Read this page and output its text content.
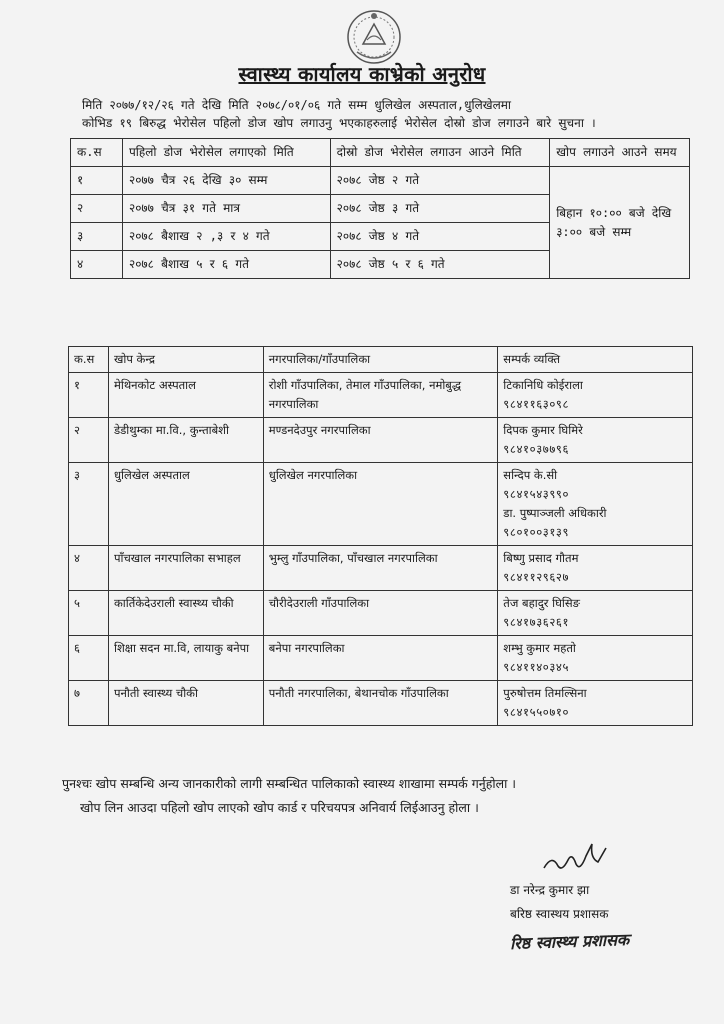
स्वास्थ्य कार्यालय काभ्रेको अनुरोध

मिति २०७७/१२/२६ गते देखि मिति २०७८/०१/०६ गते सम्म धुलिखेल अस्पताल,धुलिखेलमा

कोभिड १९ बिरुद्ध भेरोसेल पहिलो डोज खोप लगाउनु भएकाहरुलाई भेरोसेल दोस्रो डोज लगाउने बारे सुचना ।

क.स	पहिलो डोज भेरोसेल लगाएको मिति	दोस्रो डोज भेरोसेल लगाउन आउने मिति	खोप लगाउने आउने समय
१	२०७७ चैत्र २६ देखि ३० सम्म	२०७८ जेष्ठ २ गते	बिहान १०:०० बजे देखि ३:०० बजे सम्म
२	२०७७ चैत्र ३१ गते मात्र	२०७८ जेष्ठ ३ गते	
३	२०७८ बैशाख २ ,३ र ४ गते	२०७८ जेष्ठ ४ गते	
४	२०७८ बैशाख ५ र ६ गते	२०७८ जेष्ठ ५ र ६ गते	
क.स	खोप केन्द्र	नगरपालिका/गाँउपालिका	सम्पर्क व्यक्ति
१	मेथिनकोट अस्पताल	रोशी गाँउपालिका, तेमाल गाँउपालिका, नमोबुद्ध नगरपालिका	टिकानिधि कोईराला
९८४११६३०९८

२	डेडीथुम्का मा.वि., कुन्ताबेशी	मण्डनदेउपुर नगरपालिका	दिपक कुमार घिमिरे
९८४१०३७७९६

३	धुलिखेल अस्पताल	धुलिखेल नगरपालिका	सन्दिप के.सी
९८४१५४३९९०
डा. पुष्पाञ्जली अधिकारी
९८०१००३१३९

४	पाँचखाल नगरपालिका सभाहल	भुम्लु गाँउपालिका, पाँचखाल नगरपालिका	बिष्णु प्रसाद गौतम
९८४११२९६२७

५	कार्तिकेदेउराली स्वास्थ्य चौकी	चौरीदेउराली गाँउपालिका	तेज बहादुर घिसिङ
९८४१७३६२६१

६	शिक्षा सदन मा.वि, लायाकु बनेपा	बनेपा नगरपालिका	शम्भु कुमार महतो
९८४११४०३४५

७	पनौती स्वास्थ्य चौकी	पनौती नगरपालिका, बेथानचोक गाँउपालिका	पुरुषोत्तम तिमल्सिना
९८४१५५०७१०

पुनश्चः खोप सम्बन्धि अन्य जानकारीको लागी सम्बन्धित पालिकाको स्वास्थ्य शाखामा सम्पर्क गर्नुहोला ।

खोप लिन आउदा पहिलो खोप लाएको खोप कार्ड र परिचयपत्र अनिवार्य लिईआउनु होला ।

डा नरेन्द्र कुमार झा
बरिष्ठ स्वास्थय प्रशासक
रिष्ठ स्वास्थ्य प्रशासक
